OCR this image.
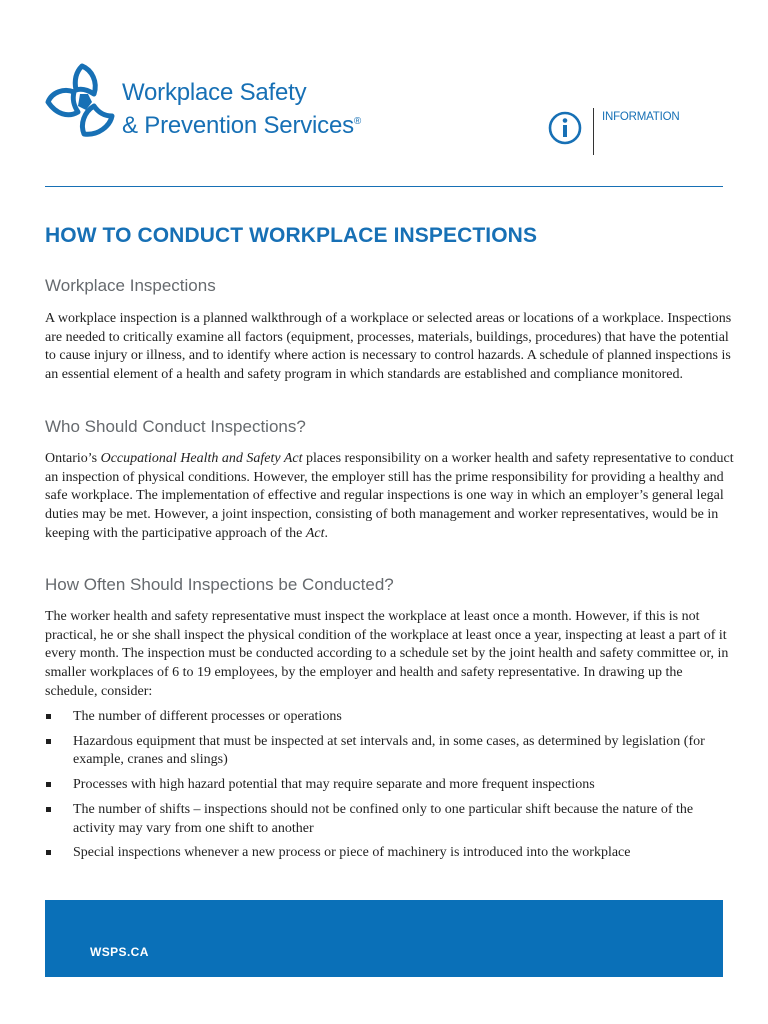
Workplace Safety
& Prevention Services®	INFORMATION
HOW TO CONDUCT WORKPLACE INSPECTIONS
Workplace Inspections

A workplace inspection is a planned walkthrough of a workplace or selected areas or locations of a workplace. Inspections are needed to critically examine all factors (equipment, processes, materials, buildings, procedures) that have the potential to cause injury or illness, and to identify where action is necessary to control hazards. A schedule of planned inspections is an essential element of a health and safety program in which standards are established and compliance monitored.

Who Should Conduct Inspections?

Ontario’s Occupational Health and Safety Act places responsibility on a worker health and safety representative to conduct an inspection of physical conditions. However, the employer still has the prime responsibility for providing a healthy and safe workplace. The implementation of effective and regular inspections is one way in which an employer’s general legal duties may be met. However, a joint inspection, consisting of both management and worker representatives, would be in keeping with the participative approach of the Act.

How Often Should Inspections be Conducted?

The worker health and safety representative must inspect the workplace at least once a month. However, if this is not practical, he or she shall inspect the physical condition of the workplace at least once a year, inspecting at least a part of it every month. The inspection must be conducted according to a schedule set by the joint health and safety committee or, in smaller workplaces of 6 to 19 employees, by the employer and health and safety representative. In drawing up the schedule, consider:

The number of different processes or operations
Hazardous equipment that must be inspected at set intervals and, in some cases, as determined by legislation (for example, cranes and slings)
Processes with high hazard potential that may require separate and more frequent inspections
The number of shifts – inspections should not be confined only to one particular shift because the nature of the activity may vary from one shift to another
Special inspections whenever a new process or piece of machinery is introduced into the workplace
WSPS.CA
